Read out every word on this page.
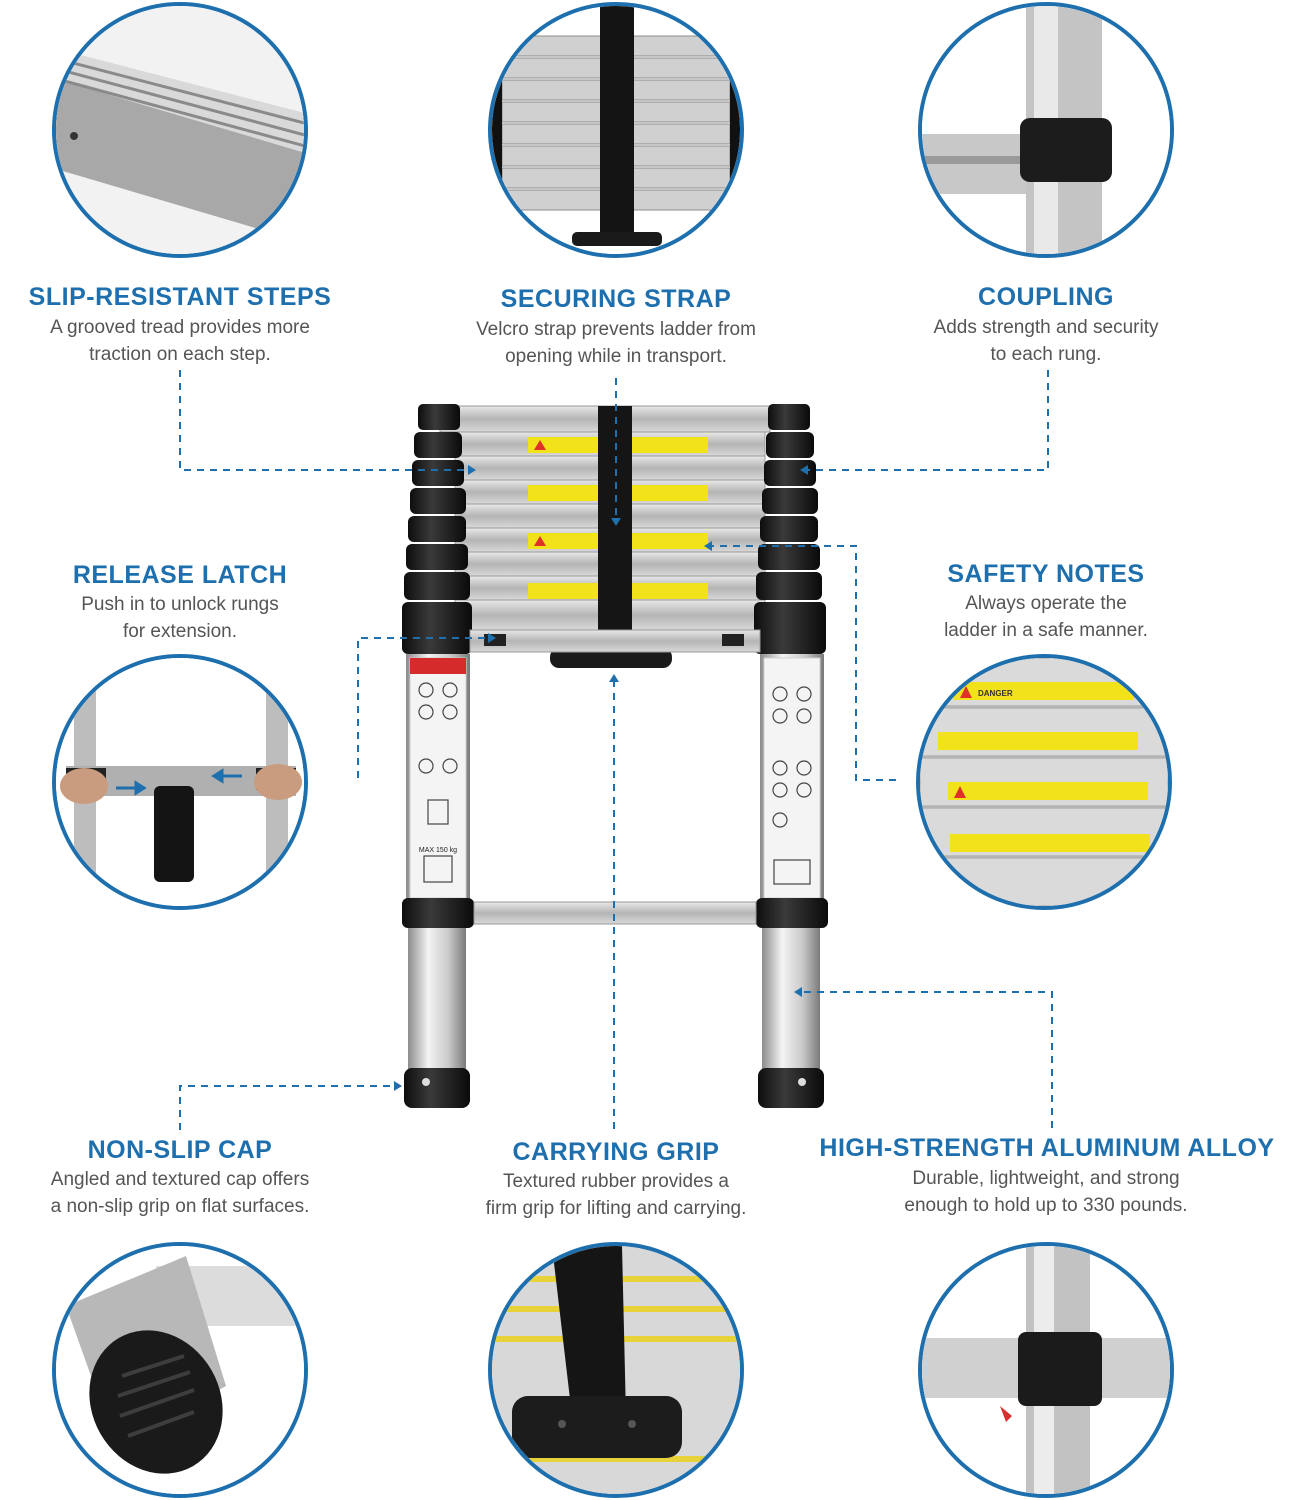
MAX 150 kg
DANGER
SLIP-RESISTANT STEPS
A grooved tread provides more
traction on each step.
SECURING STRAP
Velcro strap prevents ladder from
opening while in transport.
COUPLING
Adds strength and security
to each rung.
RELEASE LATCH
Push in to unlock rungs
for extension.
SAFETY NOTES
Always operate the
ladder in a safe manner.
NON-SLIP CAP
Angled and textured cap offers
a non-slip grip on flat surfaces.
CARRYING GRIP
Textured rubber provides a
firm grip for lifting and carrying.
HIGH-STRENGTH ALUMINUM ALLOY
Durable, lightweight, and strong
enough to hold up to 330 pounds.
